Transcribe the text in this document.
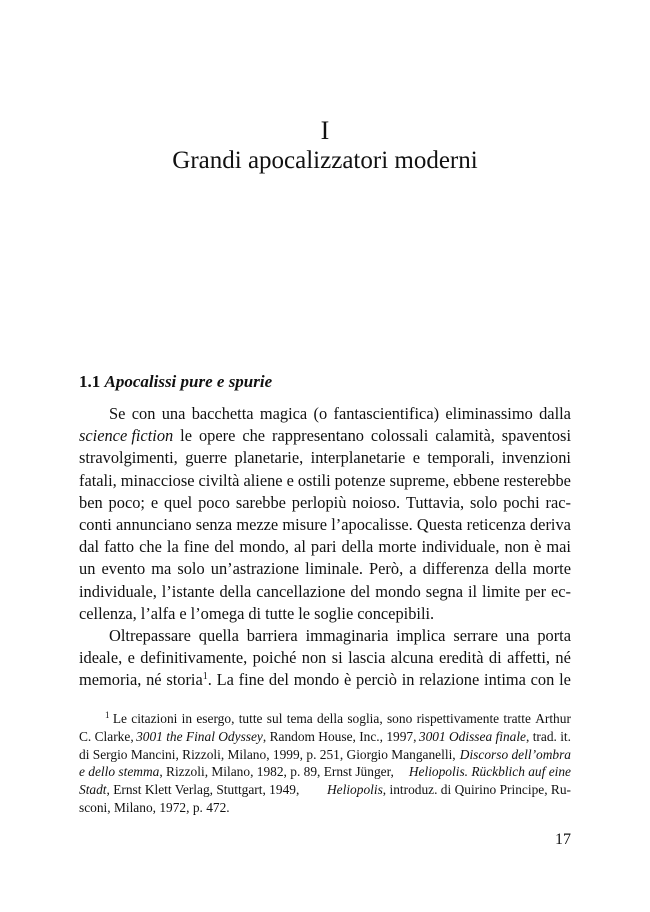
I
Grandi apocalizzatori moderni
1.1 Apocalissi pure e spurie
Se con una bacchetta magica (o fantascientifica) eliminassimo dalla
science fiction le opere che rappresentano colossali calamità, spaventosi
stravolgimenti, guerre planetarie, interplanetarie e temporali, invenzioni
fatali, minacciose civiltà aliene e ostili potenze supreme, ebbene resterebbe
ben poco; e quel poco sarebbe perlopiù noioso. Tuttavia, solo pochi rac-
conti annunciano senza mezze misure l’apocalisse. Questa reticenza deriva
dal fatto che la fine del mondo, al pari della morte individuale, non è mai
un evento ma solo un’astrazione liminale. Però, a differenza della morte
individuale, l’istante della cancellazione del mondo segna il limite per ec-
cellenza, l’alfa e l’omega di tutte le soglie concepibili.
Oltrepassare quella barriera immaginaria implica serrare una porta
ideale, e definitivamente, poiché non si lascia alcuna eredità di affetti, né
memoria, né storia$^1$. La fine del mondo è perciò in relazione intima con le
$^1$ Le citazioni in esergo, tutte sul tema della soglia, sono rispettivamente tratte Arthur
C. Clarke, 3001 the Final Odyssey, Random House, Inc., 1997, 3001 Odissea finale, trad. it.
di Sergio Mancini, Rizzoli, Milano, 1999, p. 251, Giorgio Manganelli, Discorso dell’ombra
e dello stemma, Rizzoli, Milano, 1982, p. 89, Ernst Jünger, Heliopolis. Rückblich auf eine
Stadt, Ernst Klett Verlag, Stuttgart, 1949, Heliopolis, introduz. di Quirino Principe, Ru-
sconi, Milano, 1972, p. 472.
17
